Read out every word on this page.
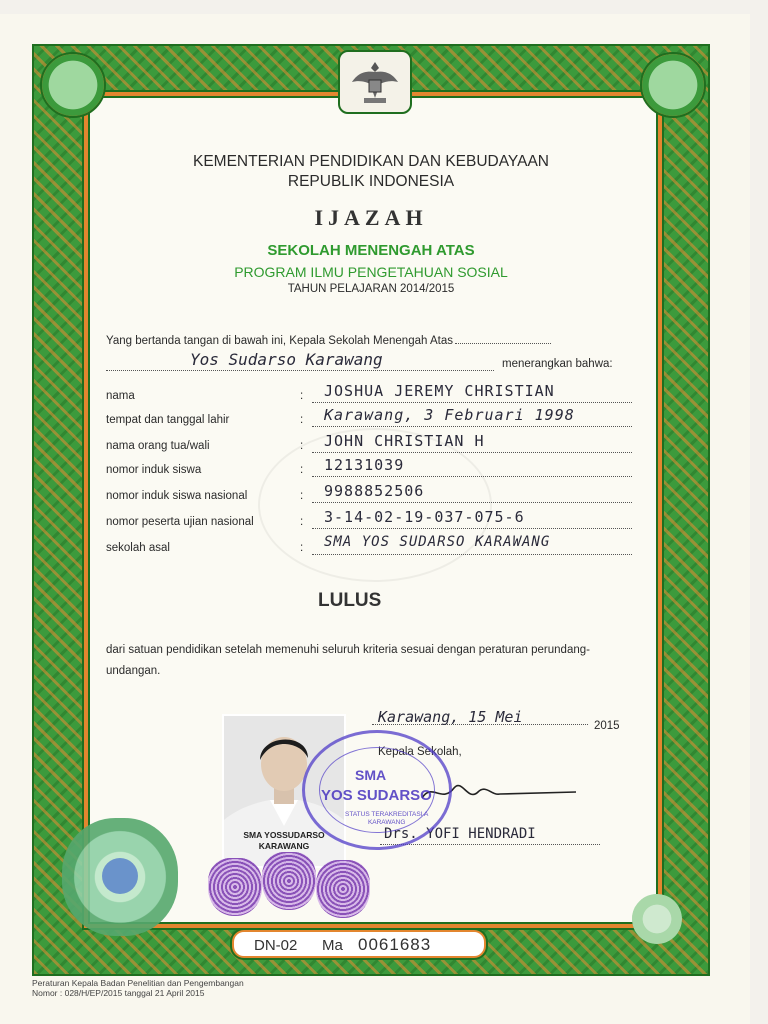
KEMENTERIAN PENDIDIKAN DAN KEBUDAYAAN
REPUBLIK INDONESIA
IJAZAH
SEKOLAH MENENGAH ATAS
PROGRAM ILMU PENGETAHUAN SOSIAL
TAHUN PELAJARAN 2014/2015
Yang bertanda tangan di bawah ini, Kepala Sekolah Menengah Atas
Yos Sudarso Karawang	menerangkan bahwa:
nama	: JOSHUA JEREMY CHRISTIAN
tempat dan tanggal lahir	: Karawang, 3 Februari 1998
nama orang tua/wali	: JOHN CHRISTIAN H
nomor induk siswa	: 12131039
nomor induk siswa nasional	: 9988852506
nomor peserta ujian nasional	: 3-14-02-19-037-075-6
sekolah asal	: SMA YOS SUDARSO KARAWANG
LULUS
dari satuan pendidikan setelah memenuhi seluruh kriteria sesuai dengan peraturan perundang-undangan.
Karawang, 15 Mei	2015
Kepala Sekolah,
Drs. YOFI HENDRADI
SMA YOSSUDARSO
KARAWANG
SMA
YOS SUDARSO
STATUS TERAKREDITASI A
KARAWANG
DN-02 Ma 0061683
Peraturan Kepala Badan Penelitian dan Pengembangan
Nomor : 028/H/EP/2015 tanggal 21 April 2015
